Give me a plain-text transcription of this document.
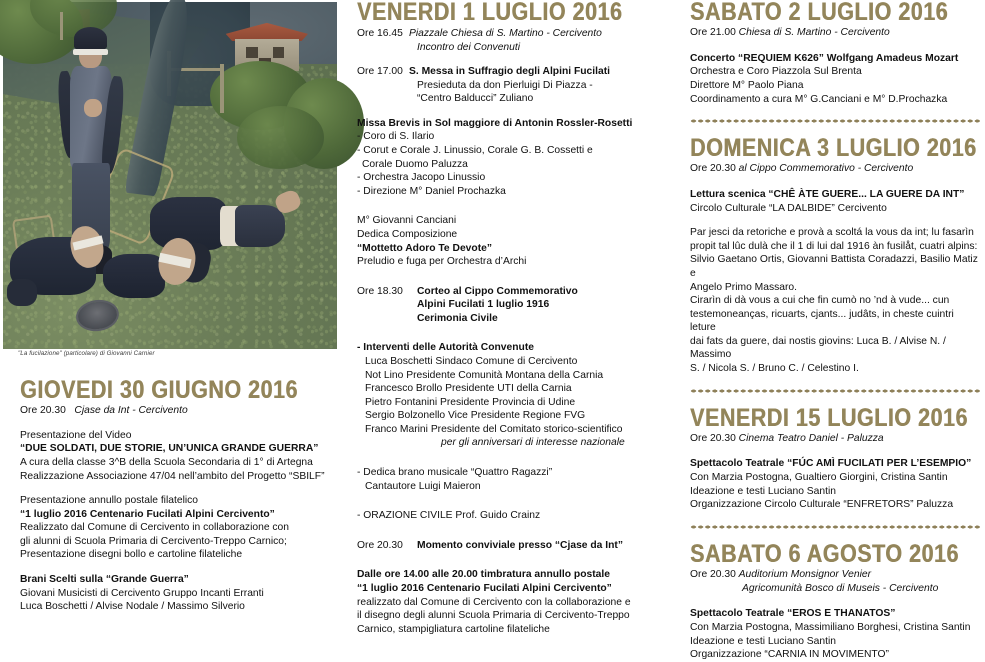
"La fucilazione" (particolare) di Giovanni Carnier
GIOVEDI 30 GIUGNO 2016
Ore 20.30 Cjase da Int - Cercivento
Presentazione del Video
“DUE SOLDATI, DUE STORIE, UN’UNICA GRANDE GUERRA”
A cura della classe 3^B della Scuola Secondaria di 1° di Artegna
Realizzazione Associazione 47/04 nell’ambito del Progetto “SBILF”
Presentazione annullo postale filatelico
“1 luglio 2016 Centenario Fucilati Alpini Cercivento”
Realizzato dal Comune di Cercivento in collaborazione con
gli alunni di Scuola Primaria di Cercivento-Treppo Carnico;
Presentazione disegni bollo e cartoline filateliche
Brani Scelti sulla “Grande Guerra”
Giovani Musicisti di Cercivento Gruppo Incanti Erranti
Luca Boschetti / Alvise Nodale / Massimo Silverio
VENERDI 1 LUGLIO 2016
Ore 16.45 Piazzale Chiesa di S. Martino - Cercivento
Incontro dei Convenuti
Ore 17.00 S. Messa in Suffragio degli Alpini Fucilati
Presieduta da don Pierluigi Di Piazza -
“Centro Balducci” Zuliano
Missa Brevis in Sol maggiore di Antonin Rossler-Rosetti
- Coro di S. Ilario
- Corut e Corale J. Linussio, Corale G. B. Cossetti e
Corale Duomo Paluzza
- Orchestra Jacopo Linussio
- Direzione M° Daniel Prochazka
M° Giovanni Canciani
Dedica Composizione
“Mottetto Adoro Te Devote”
Preludio e fuga per Orchestra d’Archi
Ore 18.30	Corteo al Cippo Commemorativo
Alpini Fucilati 1 luglio 1916
Cerimonia Civile
- Interventi delle Autorità Convenute
Luca Boschetti Sindaco Comune di Cercivento
Not Lino Presidente Comunità Montana della Carnia
Francesco Brollo Presidente UTI della Carnia
Pietro Fontanini Presidente Provincia di Udine
Sergio Bolzonello Vice Presidente Regione FVG
Franco Marini Presidente del Comitato storico-scientifico
per gli anniversari di interesse nazionale
- Dedica brano musicale “Quattro Ragazzi”
Cantautore Luigi Maieron
- ORAZIONE CIVILE Prof. Guido Crainz
Ore 20.30	Momento conviviale presso “Cjase da Int”
Dalle ore 14.00 alle 20.00 timbratura annullo postale
“1 luglio 2016 Centenario Fucilati Alpini Cercivento”
realizzato dal Comune di Cercivento con la collaborazione e
il disegno degli alunni Scuola Primaria di Cercivento-Treppo
Carnico, stampigliatura cartoline filateliche
SABATO 2 LUGLIO 2016
Ore 21.00 Chiesa di S. Martino - Cercivento
Concerto “REQUIEM K626” Wolfgang Amadeus Mozart
Orchestra e Coro Piazzola Sul Brenta
Direttore M° Paolo Piana
Coordinamento a cura M° G.Canciani e M° D.Prochazka
DOMENICA 3 LUGLIO 2016
Ore 20.30 al Cippo Commemorativo - Cercivento
Lettura scenica “CHÊ ÀTE GUERE... LA GUERE DA INT”
Circolo Culturale “LA DALBIDE” Cercivento
Par jesci da retoriche e provà a scoltá la vous da int; lu fasarìn
propit tal lûc dulà che il 1 di lui dal 1916 àn fusilåt, cuatri alpins:
Silvio Gaetano Ortis, Giovanni Battista Coradazzi, Basilio Matiz e
Angelo Primo Massaro.
Cirarìn di dà vous a cui che fin cumò no ’nd à vude... cun
testemoneanças, ricuarts, cjants... judâts, in cheste cuintri leture
dai fats da guere, dai nostis giovins: Luca B. / Alvise N. / Massimo
S. / Nicola S. / Bruno C. / Celestino I.
VENERDI 15 LUGLIO 2016
Ore 20.30 Cinema Teatro Daniel - Paluzza
Spettacolo Teatrale “FÚC AMÌ FUCILATI PER L’ESEMPIO”
Con Marzia Postogna, Gualtiero Giorgini, Cristina Santin
Ideazione e testi Luciano Santin
Organizzazione Circolo Culturale “ENFRETORS” Paluzza
SABATO 6 AGOSTO 2016
Ore 20.30 Auditorium Monsignor Venier
Agricomunità Bosco di Museis - Cercivento
Spettacolo Teatrale “EROS E THANATOS”
Con Marzia Postogna, Massimiliano Borghesi, Cristina Santin
Ideazione e testi Luciano Santin
Organizzazione “CARNIA IN MOVIMENTO”
